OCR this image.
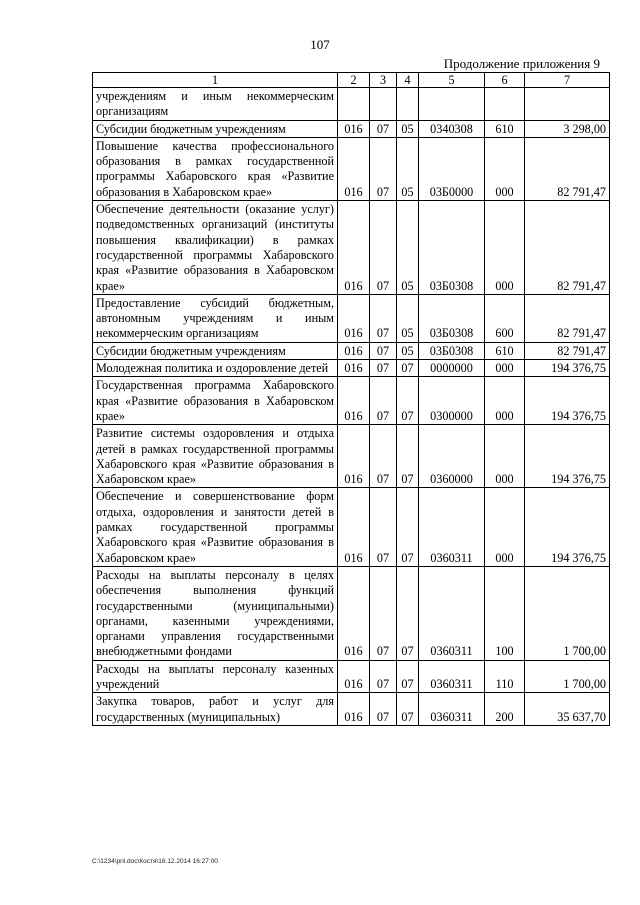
107
Продолжение приложения 9
1	2	3	4	5	6	7
учреждениям и иным некоммерческим организациям						
Субсидии бюджетным учреждениям	016	07	05	0340308	610	3 298,00
Повышение качества профессионального образования в рамках государственной программы Хабаровского края «Развитие образования в Хабаровском крае»	016	07	05	03Б0000	000	82 791,47
Обеспечение деятельности (оказание услуг) подведомственных организаций (институты повышения квалификации) в рамках государственной программы Хабаровского края «Развитие образования в Хабаровском крае»	016	07	05	03Б0308	000	82 791,47
Предоставление субсидий бюджетным, автономным учреждениям и иным некоммерческим организациям	016	07	05	03Б0308	600	82 791,47
Субсидии бюджетным учреждениям	016	07	05	03Б0308	610	82 791,47
Молодежная политика и оздоровление детей	016	07	07	0000000	000	194 376,75
Государственная программа Хабаровского края «Развитие образования в Хабаровском крае»	016	07	07	0300000	000	194 376,75
Развитие системы оздоровления и отдыха детей в рамках государственной программы Хабаровского края «Развитие образования в Хабаровском крае»	016	07	07	0360000	000	194 376,75
Обеспечение и совершенствование форм отдыха, оздоровления и занятости детей в рамках государственной программы Хабаровского края «Развитие образования в Хабаровском крае»	016	07	07	0360311	000	194 376,75
Расходы на выплаты персоналу в целях обеспечения выполнения функций государственными (муниципальными) органами, казенными учреждениями, органами управления государственными внебюджетными фондами	016	07	07	0360311	100	1 700,00
Расходы на выплаты персоналу казенных учреждений	016	07	07	0360311	110	1 700,00
Закупка товаров, работ и услуг для государственных (муниципальных)	016	07	07	0360311	200	35 637,70
C:\1234\pril.doc\Костя\16.12.2014 16:27:00
